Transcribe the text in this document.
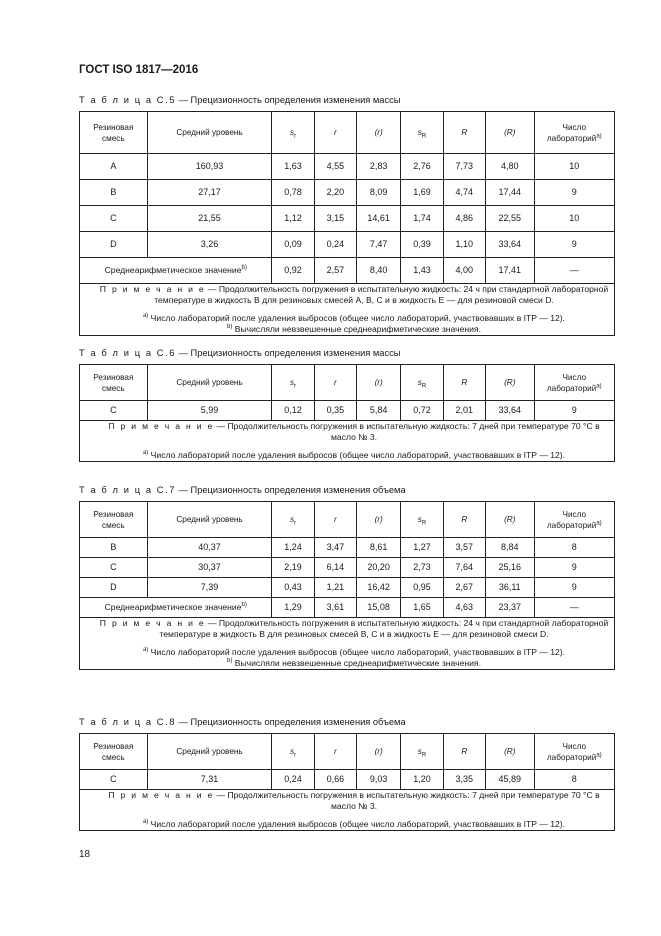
ГОСТ ISO 1817—2016

Т а б л и ц а С.5 — Прецизионность определения изменения массы

Резиновая смесь	Средний уровень	$s_r$	r	(r)	$s_R$	R	(R)	Число лабораторий$^{a)}$
A	160,93	1,63	4,55	2,83	2,76	7,73	4,80	10
B	27,17	0,78	2,20	8,09	1,69	4,74	17,44	9
C	21,55	1,12	3,15	14,61	1,74	4,86	22,55	10
D	3,26	0,09	0,24	7,47	0,39	1,10	33,64	9
Среднеарифметическое значение$^{b)}$		0,92	2,57	8,40	1,43	4,00	17,41	—

П р и м е ч а н и е — Продолжительность погружения в испытательную жидкость: 24 ч при стандартной лабораторной температуре в жидкость B для резиновых смесей A, B, C и в жидкость E — для резиновой смеси D.

$^{a)}$ Число лабораторий после удаления выбросов (общее число лабораторий, участвовавших в ITP — 12).

$^{b)}$ Вычисляли невзвешенные среднеарифметические значения.								

Т а б л и ц а С.6 — Прецизионность определения изменения массы

Резиновая смесь	Средний уровень	$s_r$	r	(r)	$s_R$	R	(R)	Число лабораторий$^{a)}$
C	5,99	0,12	0,35	5,84	0,72	2,01	33,64	9

П р и м е ч а н и е — Продолжительность погружения в испытательную жидкость: 7 дней при температуре 70 °C в масло № 3.

$^{a)}$ Число лабораторий после удаления выбросов (общее число лабораторий, участвовавших в ITP — 12).								

Т а б л и ц а С.7 — Прецизионность определения изменения объема

Резиновая смесь	Средний уровень	$s_r$	r	(r)	$s_R$	R	(R)	Число лабораторий$^{a)}$
B	40,37	1,24	3,47	8,61	1,27	3,57	8,84	8
C	30,37	2,19	6,14	20,20	2,73	7,64	25,16	9
D	7,39	0,43	1,21	16,42	0,95	2,67	36,11	9
Среднеарифметическое значение$^{b)}$		1,29	3,61	15,08	1,65	4,63	23,37	—

П р и м е ч а н и е — Продолжительность погружения в испытательную жидкость: 24 ч при стандартной лабораторной температуре в жидкость B для резиновых смесей B, C и в жидкость E — для резиновой смеси D.

$^{a)}$ Число лабораторий после удаления выбросов (общее число лабораторий, участвовавших в ITP — 12).

$^{b)}$ Вычисляли невзвешенные среднеарифметические значения.								

Т а б л и ц а С.8 — Прецизионность определения изменения объема

Резиновая смесь	Средний уровень	$s_r$	r	(r)	$s_R$	R	(R)	Число лабораторий$^{a)}$
C	7,31	0,24	0,66	9,03	1,20	3,35	45,89	8

П р и м е ч а н и е — Продолжительность погружения в испытательную жидкость: 7 дней при температуре 70 °C в масло № 3.

$^{a)}$ Число лабораторий после удаления выбросов (общее число лабораторий, участвовавших в ITP — 12).								

18
